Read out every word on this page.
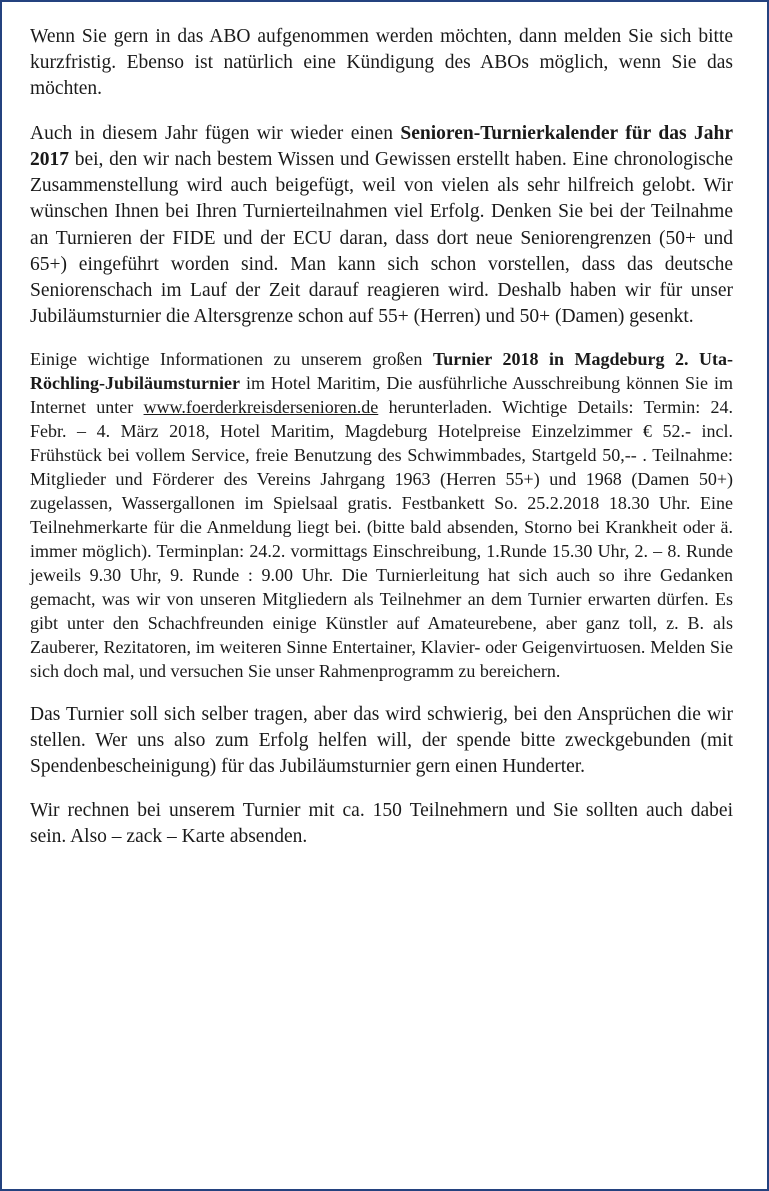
Wenn Sie gern in das ABO aufgenommen werden möchten, dann melden Sie sich bitte kurzfristig. Ebenso ist natürlich eine Kündigung des ABOs möglich, wenn Sie das möchten.

Auch in diesem Jahr fügen wir wieder einen Senioren-Turnierkalender für das Jahr 2017 bei, den wir nach bestem Wissen und Gewissen erstellt haben. Eine chronologische Zusammenstellung wird auch beigefügt, weil von vielen als sehr hilfreich gelobt. Wir wünschen Ihnen bei Ihren Turnierteilnahmen viel Erfolg. Denken Sie bei der Teilnahme an Turnieren der FIDE und der ECU daran, dass dort neue Seniorengrenzen (50+ und 65+) eingeführt worden sind. Man kann sich schon vorstellen, dass das deutsche Seniorenschach im Lauf der Zeit darauf reagieren wird. Deshalb haben wir für unser Jubiläumsturnier die Altersgrenze schon auf 55+ (Herren) und 50+ (Damen) gesenkt.

Einige wichtige Informationen zu unserem großen Turnier 2018 in Magdeburg 2. Uta-Röchling-Jubiläumsturnier im Hotel Maritim, Die ausführliche Ausschreibung können Sie im Internet unter www.foerderkreisdersenioren.de herunterladen. Wichtige Details: Termin: 24. Febr. – 4. März 2018, Hotel Maritim, Magdeburg Hotelpreise Einzelzimmer € 52.- incl. Frühstück bei vollem Service, freie Benutzung des Schwimmbades, Startgeld 50,-- . Teilnahme: Mitglieder und Förderer des Vereins Jahrgang 1963 (Herren 55+) und 1968 (Damen 50+) zugelassen, Wassergallonen im Spielsaal gratis. Festbankett So. 25.2.2018 18.30 Uhr. Eine Teilnehmerkarte für die Anmeldung liegt bei. (bitte bald absenden, Storno bei Krankheit oder ä. immer möglich). Terminplan: 24.2. vormittags Einschreibung, 1.Runde 15.30 Uhr, 2. – 8. Runde jeweils 9.30 Uhr, 9. Runde : 9.00 Uhr. Die Turnierleitung hat sich auch so ihre Gedanken gemacht, was wir von unseren Mitgliedern als Teilnehmer an dem Turnier erwarten dürfen. Es gibt unter den Schachfreunden einige Künstler auf Amateurebene, aber ganz toll, z. B. als Zauberer, Rezitatoren, im weiteren Sinne Entertainer, Klavier- oder Geigenvirtuosen. Melden Sie sich doch mal, und versuchen Sie unser Rahmenprogramm zu bereichern.

Das Turnier soll sich selber tragen, aber das wird schwierig, bei den Ansprüchen die wir stellen. Wer uns also zum Erfolg helfen will, der spende bitte zweckgebunden (mit Spendenbescheinigung) für das Jubiläumsturnier gern einen Hunderter.

Wir rechnen bei unserem Turnier mit ca. 150 Teilnehmern und Sie sollten auch dabei sein. Also – zack – Karte absenden.
